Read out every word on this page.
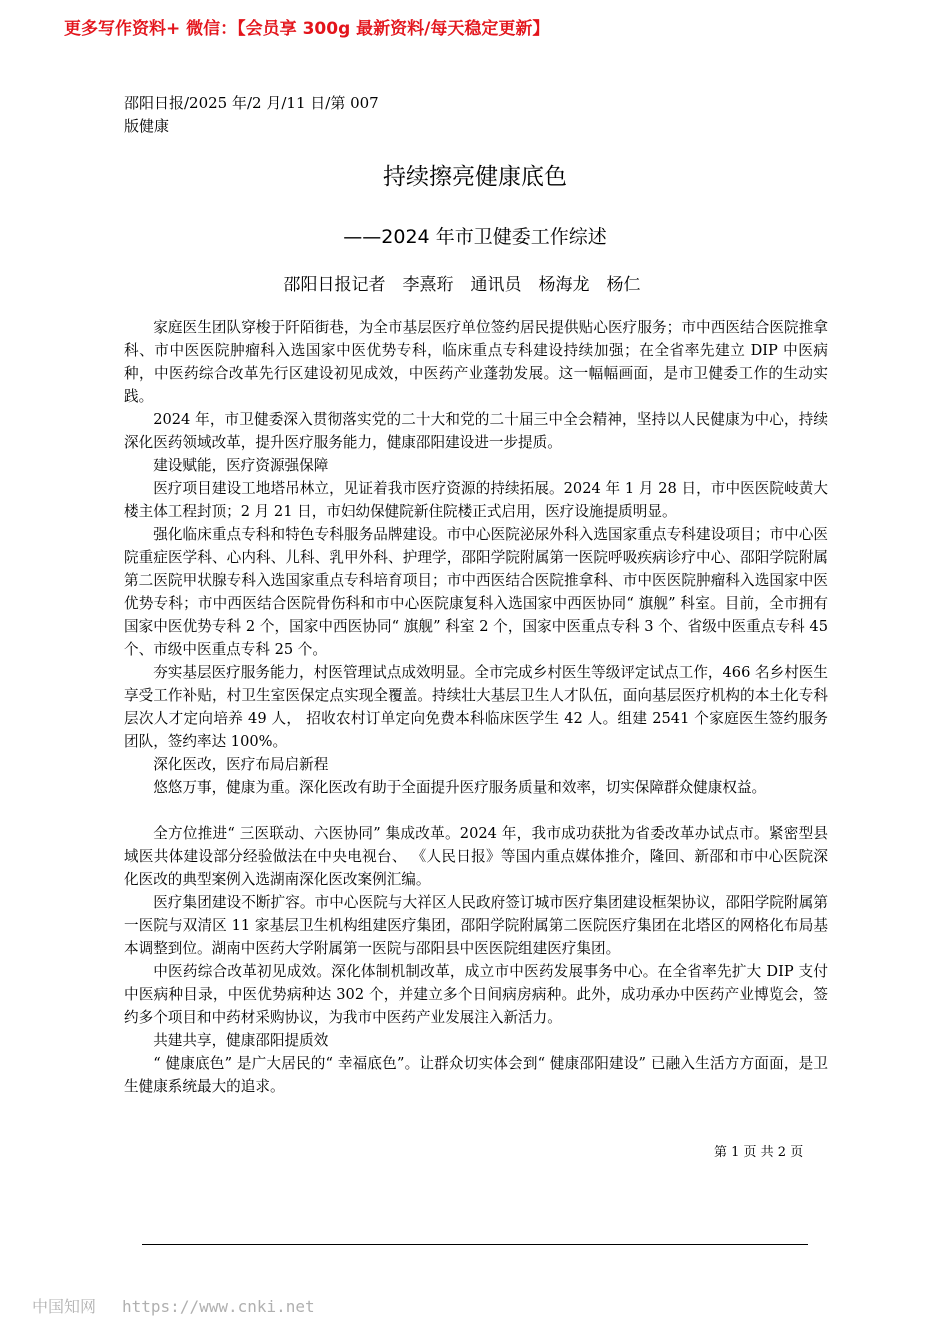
更多写作资料+ 微信：【会员享 300g 最新资料/每天稳定更新】
邵阳日报/2025 年/2 月/11 日/第 007
版健康
持续擦亮健康底色
——2024 年市卫健委工作综述
邵阳日报记者　李熹珩　通讯员　杨海龙　杨仁

家庭医生团队穿梭于阡陌街巷，为全市基层医疗单位签约居民提供贴心医疗服务；市中西医结合医院推拿科、市中医医院肿瘤科入选国家中医优势专科，临床重点专科建设持续加强；在全省率先建立 DIP 中医病种，中医药综合改革先行区建设初见成效，中医药产业蓬勃发展。这一幅幅画面，是市卫健委工作的生动实践。

2024 年，市卫健委深入贯彻落实党的二十大和党的二十届三中全会精神，坚持以人民健康为中心，持续深化医药领域改革，提升医疗服务能力，健康邵阳建设进一步提质。

建设赋能，医疗资源强保障

医疗项目建设工地塔吊林立，见证着我市医疗资源的持续拓展。2024 年 1 月 28 日，市中医医院岐黄大楼主体工程封顶；2 月 21 日，市妇幼保健院新住院楼正式启用，医疗设施提质明显。

强化临床重点专科和特色专科服务品牌建设。市中心医院泌尿外科入选国家重点专科建设项目；市中心医院重症医学科、心内科、儿科、乳甲外科、护理学，邵阳学院附属第一医院呼吸疾病诊疗中心、邵阳学院附属第二医院甲状腺专科入选国家重点专科培育项目；市中西医结合医院推拿科、市中医医院肿瘤科入选国家中医优势专科；市中西医结合医院骨伤科和市中心医院康复科入选国家中西医协同“ 旗舰” 科室。目前，全市拥有国家中医优势专科 2 个，国家中西医协同“ 旗舰” 科室 2 个，国家中医重点专科 3 个、省级中医重点专科 45 个、市级中医重点专科 25 个。

夯实基层医疗服务能力，村医管理试点成效明显。全市完成乡村医生等级评定试点工作，466 名乡村医生享受工作补贴，村卫生室医保定点实现全覆盖。持续壮大基层卫生人才队伍，面向基层医疗机构的本土化专科层次人才定向培养 49 人， 招收农村订单定向免费本科临床医学生 42 人。组建 2541 个家庭医生签约服务团队，签约率达 100%。

深化医改，医疗布局启新程

悠悠万事，健康为重。深化医改有助于全面提升医疗服务质量和效率，切实保障群众健康权益。

全方位推进“ 三医联动、六医协同” 集成改革。2024 年，我市成功获批为省委改革办试点市。紧密型县域医共体建设部分经验做法在中央电视台、 《人民日报》等国内重点媒体推介，隆回、新邵和市中心医院深化医改的典型案例入选湖南深化医改案例汇编。

医疗集团建设不断扩容。市中心医院与大祥区人民政府签订城市医疗集团建设框架协议，邵阳学院附属第一医院与双清区 11 家基层卫生机构组建医疗集团，邵阳学院附属第二医院医疗集团在北塔区的网格化布局基本调整到位。湖南中医药大学附属第一医院与邵阳县中医医院组建医疗集团。

中医药综合改革初见成效。深化体制机制改革，成立市中医药发展事务中心。在全省率先扩大 DIP 支付中医病种目录，中医优势病种达 302 个，并建立多个日间病房病种。此外，成功承办中医药产业博览会，签约多个项目和中药材采购协议，为我市中医药产业发展注入新活力。

共建共享，健康邵阳提质效

“ 健康底色” 是广大居民的“ 幸福底色”。让群众切实体会到“ 健康邵阳建设” 已融入生活方方面面，是卫生健康系统最大的追求。

第 1 页 共 2 页
中国知网 https://www.cnki.net
